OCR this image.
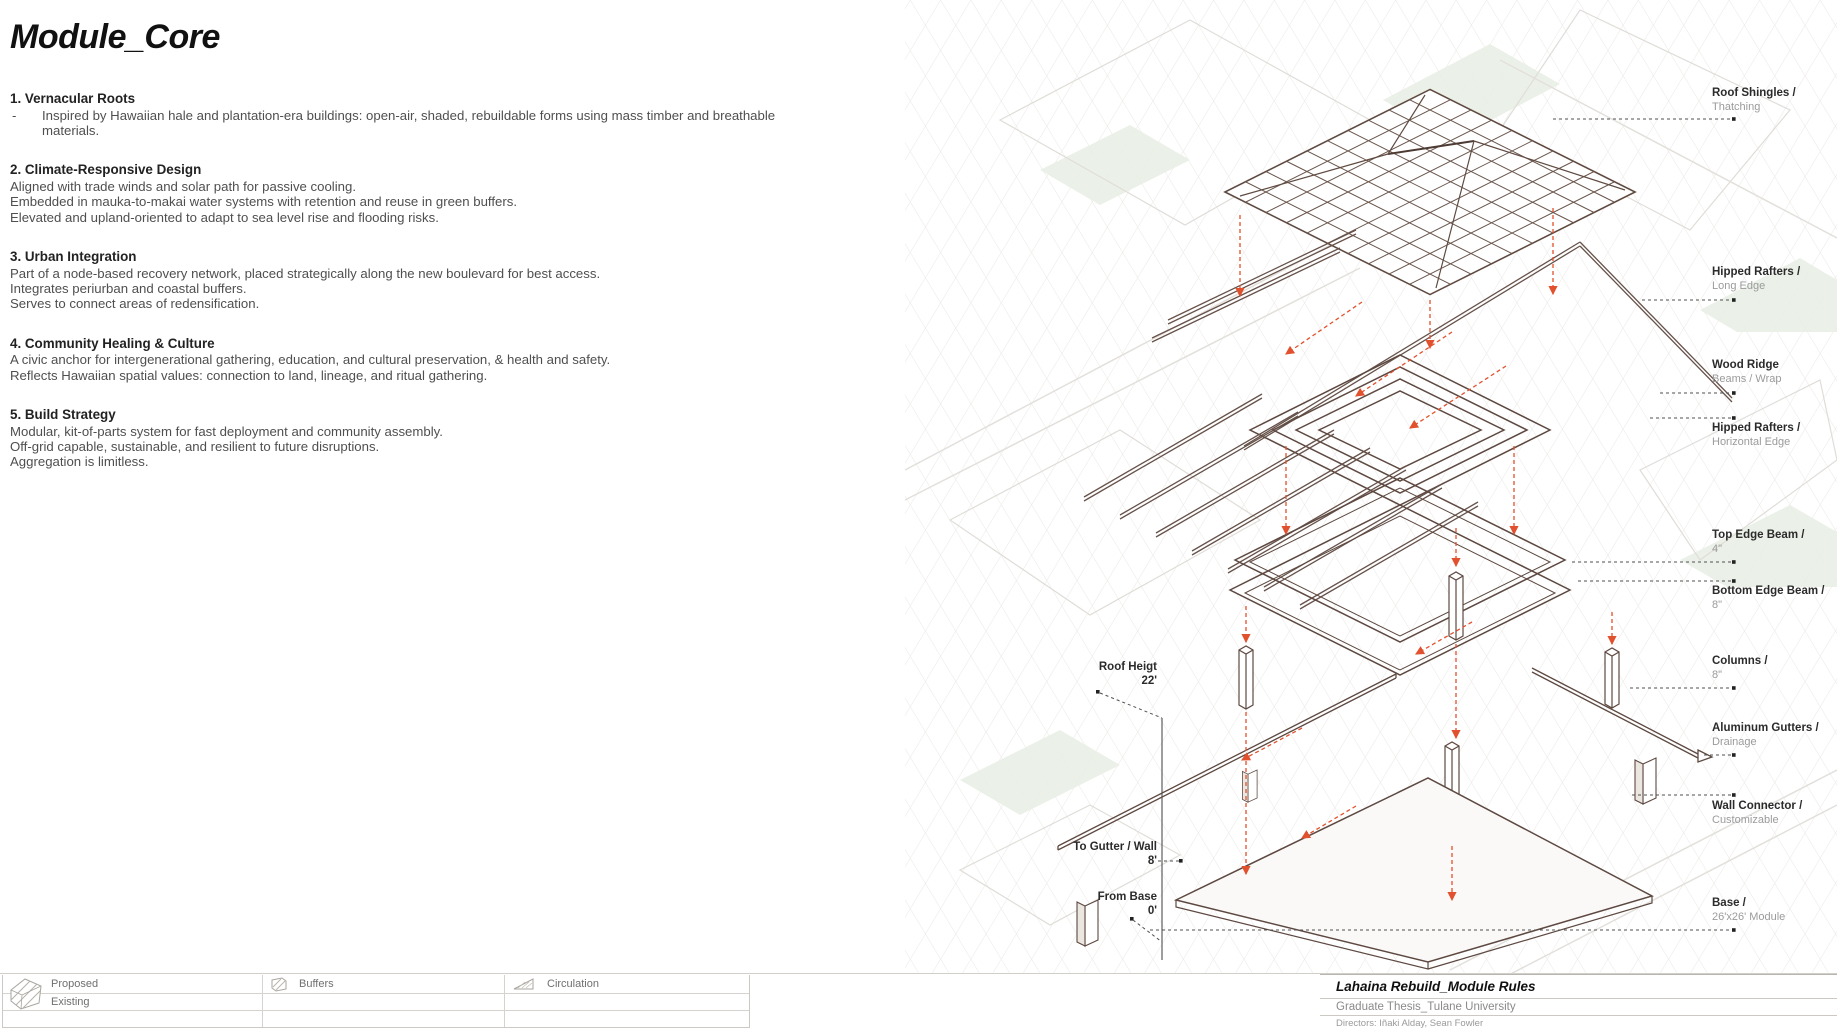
Module_Core
1. Vernacular Roots
- Inspired by Hawaiian hale and plantation-era buildings: open-air, shaded, rebuildable forms using mass timber and breathable
materials.
2. Climate-Responsive Design
Aligned with trade winds and solar path for passive cooling.
Embedded in mauka-to-makai water systems with retention and reuse in green buffers.
Elevated and upland-oriented to adapt to sea level rise and flooding risks.
3. Urban Integration
Part of a node-based recovery network, placed strategically along the new boulevard for best access.
Integrates periurban and coastal buffers.
Serves to connect areas of redensification.
4. Community Healing & Culture
A civic anchor for intergenerational gathering, education, and cultural preservation, & health and safety.
Reflects Hawaiian spatial values: connection to land, lineage, and ritual gathering.
5. Build Strategy
Modular, kit-of-parts system for fast deployment and community assembly.
Off-grid capable, sustainable, and resilient to future disruptions.
Aggregation is limitless.
Roof Shingles /
Thatching
Hipped Rafters /
Long Edge
Wood Ridge
Beams / Wrap
Hipped Rafters /
Horizontal Edge
Top Edge Beam /
4"
Bottom Edge Beam /
8"
Columns /
8"
Aluminum Gutters /
Drainage
Wall Connector /
Customizable
Base /
26'x26' Module
Roof Heigt
22'
To Gutter / Wall
8'
From Base
0'
Proposed	Buffers	Circulation
Existing
Lahaina Rebuild_Module Rules
Graduate Thesis_Tulane University
Directors: Iñaki Alday, Sean Fowler
